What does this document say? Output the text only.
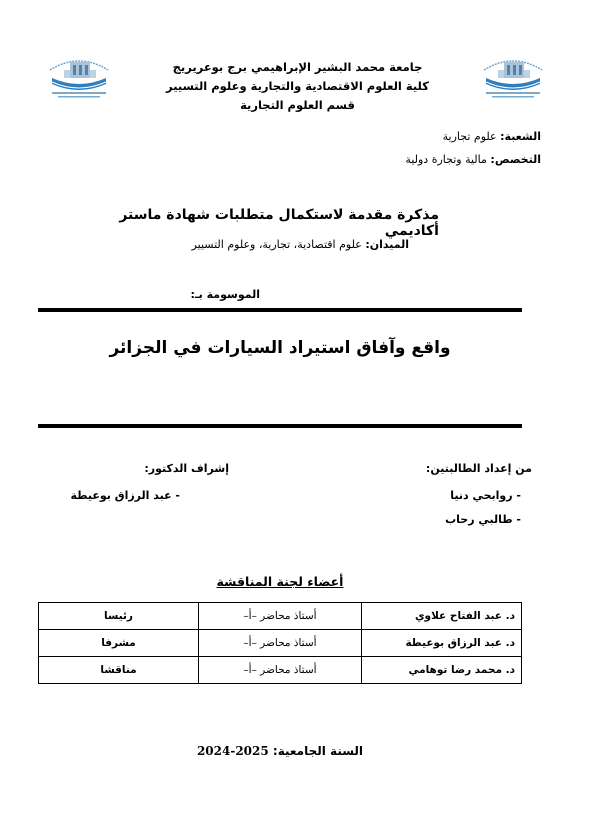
جامعة محمد البشير الإبراهيمي برج بوعريريج
كلية العلوم الاقتصادية والتجارية وعلوم التسيير
قسم العلوم التجارية
الشعبة: علوم تجارية
التخصص: مالية وتجارة دولية
مذكرة مقدمة لاستكمال متطلبات شهادة ماستر أكاديمي
الميدان: علوم اقتصادية، تجارية، وعلوم التسيير
الموسومة بـ:
واقع وآفاق استيراد السيارات في الجزائر
من إعداد الطالبتين:
- روابحي دنيا
- طالبي رحاب
إشراف الدكتور:
- عبد الرزاق بوعيطة
أعضاء لجنة المناقشة
د. عبد الفتاح علاوي	أستاذ محاضر –أ–	رئيسا
د. عبد الرزاق بوعيطة	أستاذ محاضر –أ–	مشرفا
د. محمد رضا توهامي	أستاذ محاضر –أ–	مناقشا
السنة الجامعية: 2024-2025
